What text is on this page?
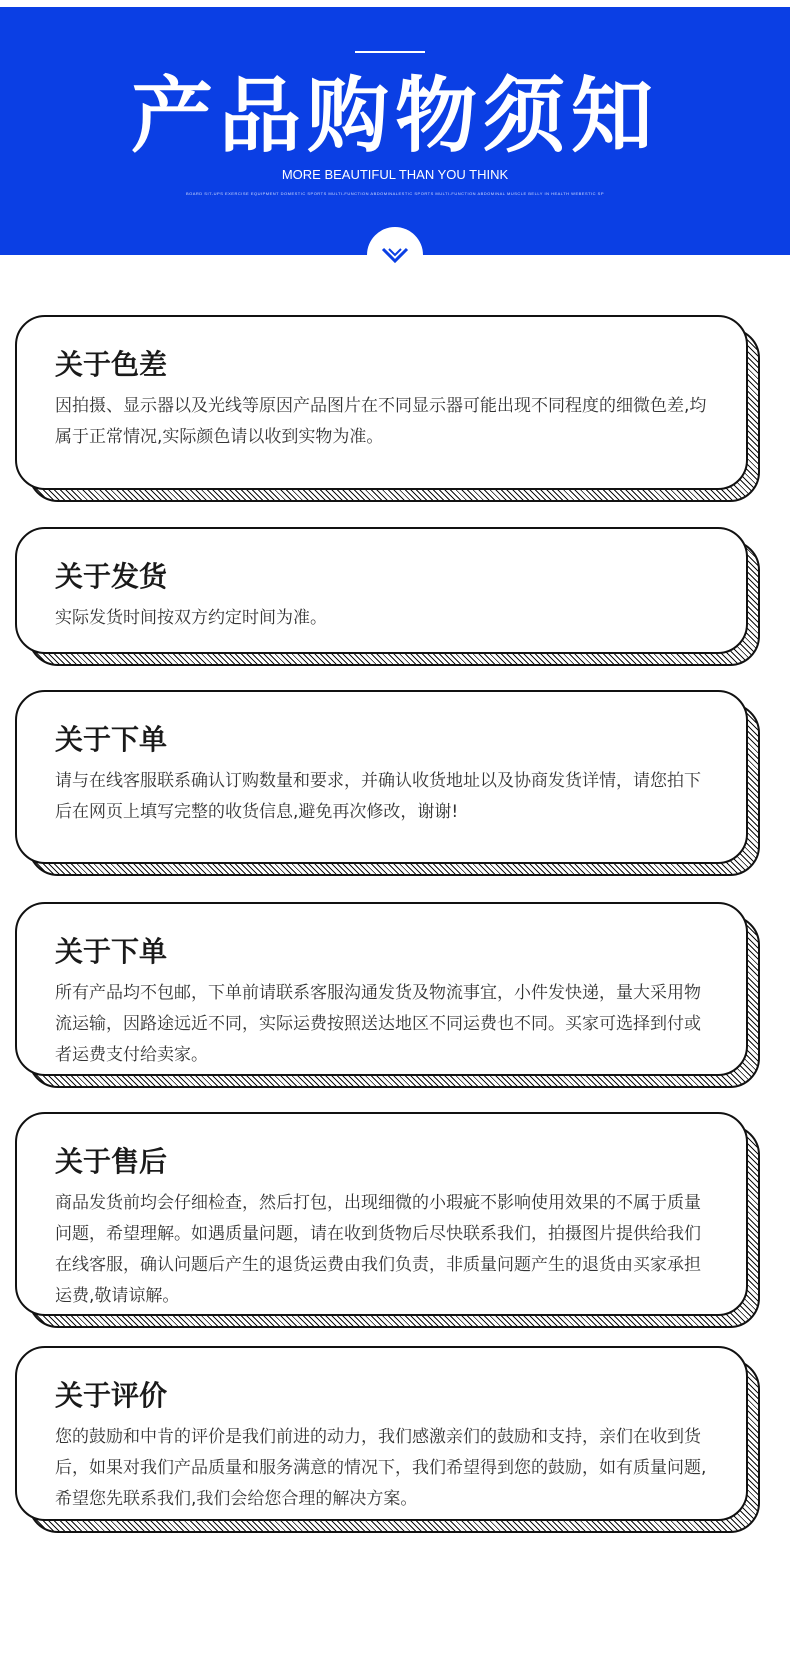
产品购物须知
MORE BEAUTIFUL THAN YOU THINK
BOARD SIT-UPS EXERCISE EQUIPMENT DOMESTIC SPORTS MULTI-FUNCTION ABDOMINALESTIC SPORTS MULTI-FUNCTION ABDOMINAL MUSCLE BELLY IN HEALTH WEBESTIC SP
关于色差
因拍摄、显示器以及光线等原因产品图片在不同显示器可能出现不同程度的细微色差,均属于正常情况,实际颜色请以收到实物为准。
关于发货
实际发货时间按双方约定时间为准。
关于下单
请与在线客服联系确认订购数量和要求，并确认收货地址以及协商发货详情，请您拍下后在网页上填写完整的收货信息,避免再次修改，谢谢!
关于下单
所有产品均不包邮，下单前请联系客服沟通发货及物流事宜，小件发快递，量大采用物流运输，因路途远近不同，实际运费按照送达地区不同运费也不同。买家可选择到付或者运费支付给卖家。
关于售后
商品发货前均会仔细检查，然后打包，出现细微的小瑕疵不影响使用效果的不属于质量问题，希望理解。如遇质量问题，请在收到货物后尽快联系我们，拍摄图片提供给我们在线客服，确认问题后产生的退货运费由我们负责，非质量问题产生的退货由买家承担运费,敬请谅解。
关于评价
您的鼓励和中肯的评价是我们前进的动力，我们感激亲们的鼓励和支持，亲们在收到货后，如果对我们产品质量和服务满意的情况下，我们希望得到您的鼓励，如有质量问题,希望您先联系我们,我们会给您合理的解决方案。
